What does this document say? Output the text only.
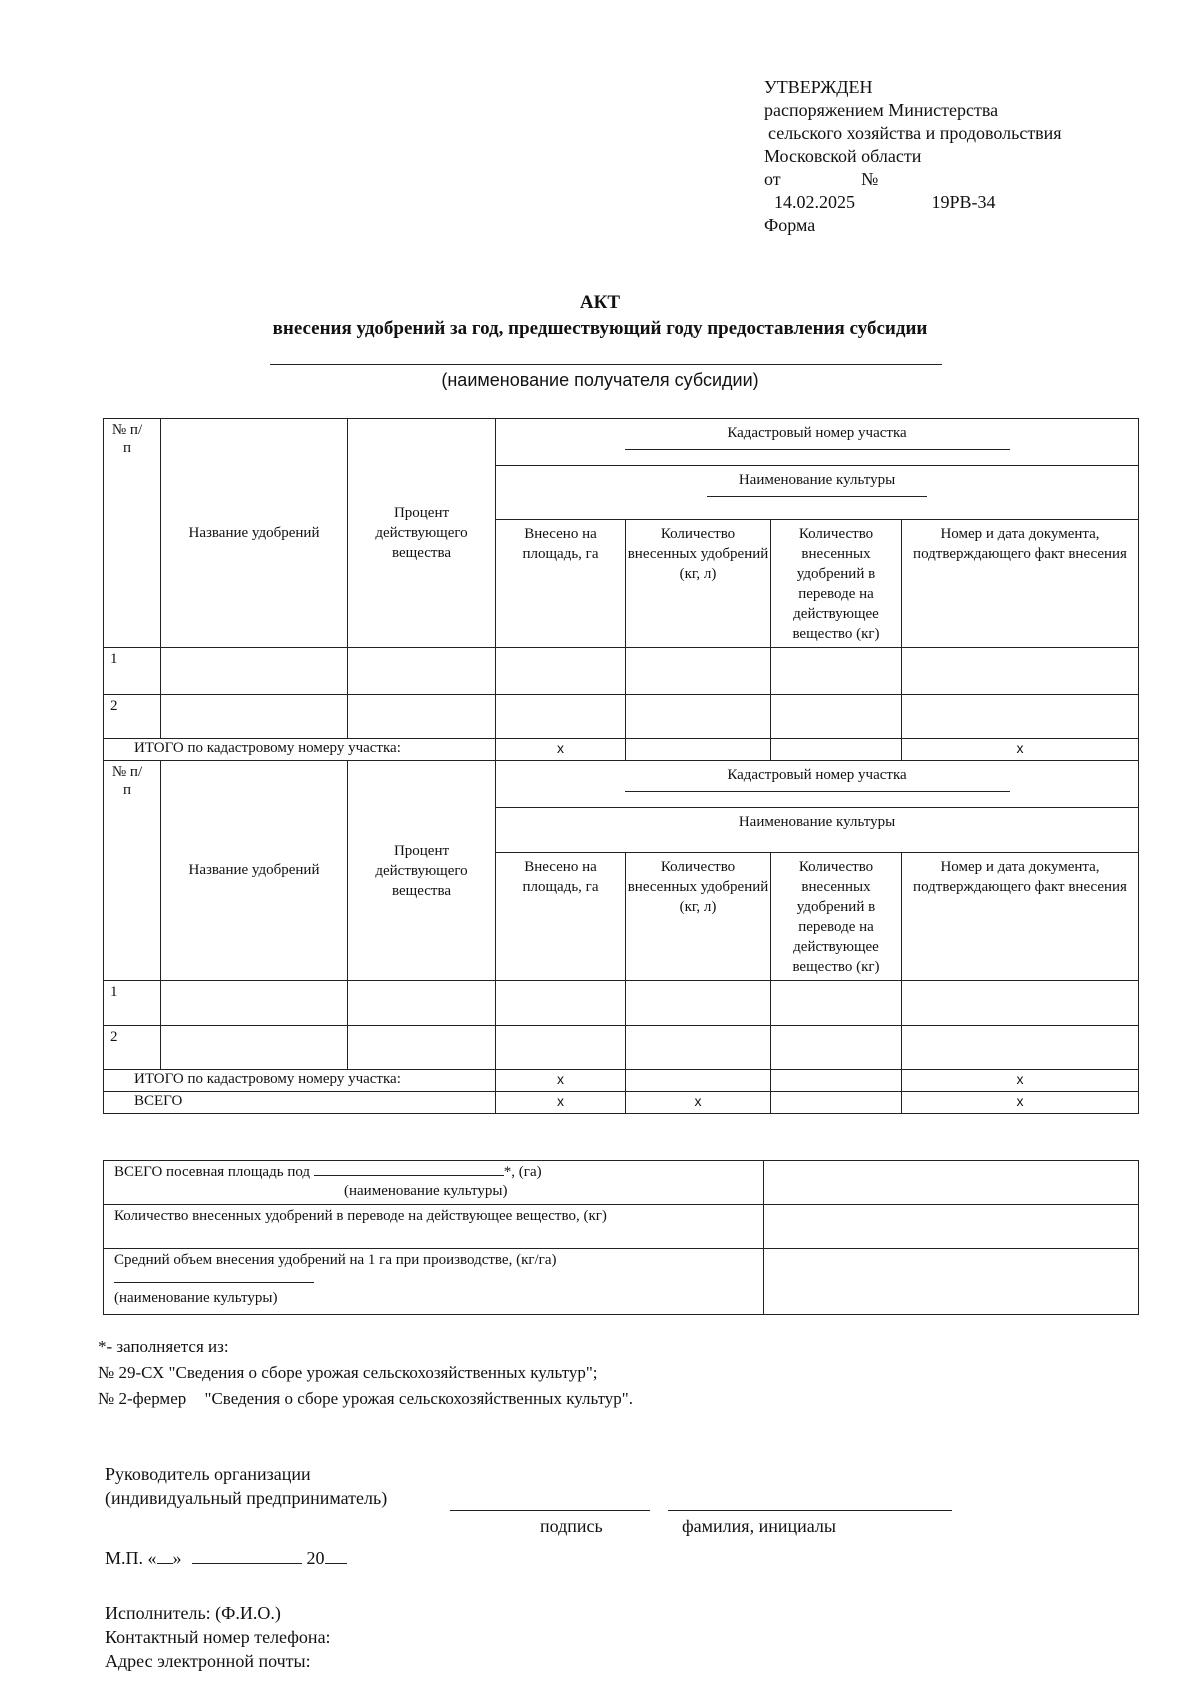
УТВЕРЖДЕН
распоряжением Министерства
сельского хозяйства и продовольствия
Московской области
от	№
14.02.2025	19РВ-34
Форма
АКТ
внесения удобрений за год, предшествующий году предоставления субсидии
(наименование получателя субсидии)
№ п/п	Название удобрений	Процент действующего вещества	Кадастровый номер участка			

			Наименование культуры			

			Внесено на площадь, га	Количество внесенных удобрений (кг, л)	Количество внесенных удобрений в переводе на действующее вещество (кг)	Номер и дата документа, подтверждающего факт внесения
1						
2						
ИТОГО по кадастровому номеру участка:			x			x

№ п/п	Название удобрений	Процент действующего вещества	Кадастровый номер участка			

			Наименование культуры			
			Внесено на площадь, га	Количество внесенных удобрений (кг, л)	Количество внесенных удобрений в переводе на действующее вещество (кг)	Номер и дата документа, подтверждающего факт внесения
1						
2						
ИТОГО по кадастровому номеру участка:			x			x
ВСЕГО			x	x		x
ВСЕГО посевная площадь под *, (га)
(наименование культуры)	

Количество внесенных удобрений в переводе на действующее вещество, (кг)	

Средний объем внесения удобрений на 1 га при производстве, (кг/га)
(наименование культуры)	

*- заполняется из:
№ 29-СХ "Сведения о сборе урожая сельскохозяйственных культур";
№ 2-фермер "Сведения о сборе урожая сельскохозяйственных культур".
Руководитель организации
(индивидуальный предприниматель)
подпись	фамилия, инициалы
М.П. « »	20
Исполнитель: (Ф.И.О.)
Контактный номер телефона:
Адрес электронной почты:
